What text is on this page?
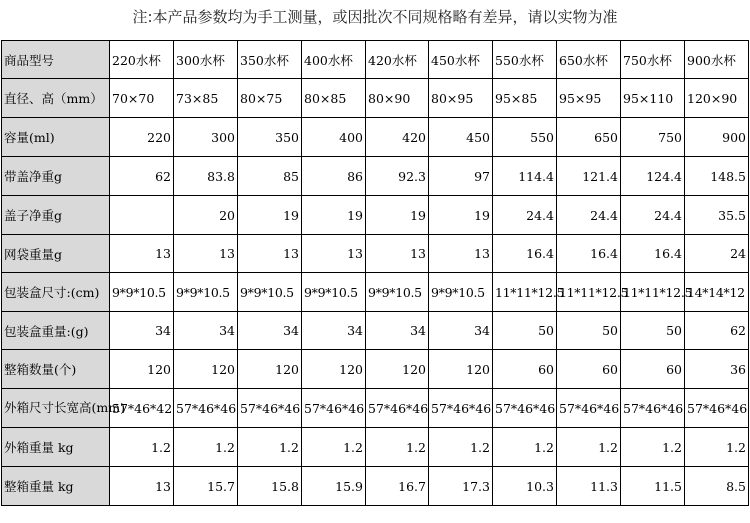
注:本产品参数均为手工测量，或因批次不同规格略有差异，请以实物为准
商品型号	220水杯	300水杯	350水杯	400水杯	420水杯	450水杯	550水杯	650水杯	750水杯	900水杯
直径、高（mm）	70×70	73×85	80×75	80×85	80×90	80×95	95×85	95×95	95×110	120×90
容量(ml)	220	300	350	400	420	450	550	650	750	900
带盖净重g	62	83.8	85	86	92.3	97	114.4	121.4	124.4	148.5
盖子净重g		20	19	19	19	19	24.4	24.4	24.4	35.5
网袋重量g	13	13	13	13	13	13	16.4	16.4	16.4	24
包装盒尺寸:(cm)	9*9*10.5	9*9*10.5	9*9*10.5	9*9*10.5	9*9*10.5	9*9*10.5	11*11*12.5	11*11*12.5	11*11*12.5	14*14*12
包装盒重量:(g)	34	34	34	34	34	34	50	50	50	62
整箱数量(个)	120	120	120	120	120	120	60	60	60	36
外箱尺寸长宽高(mm)	57*46*42	57*46*46	57*46*46	57*46*46	57*46*46	57*46*46	57*46*46	57*46*46	57*46*46	57*46*46
外箱重量 kg	1.2	1.2	1.2	1.2	1.2	1.2	1.2	1.2	1.2	1.2
整箱重量 kg	13	15.7	15.8	15.9	16.7	17.3	10.3	11.3	11.5	8.5
